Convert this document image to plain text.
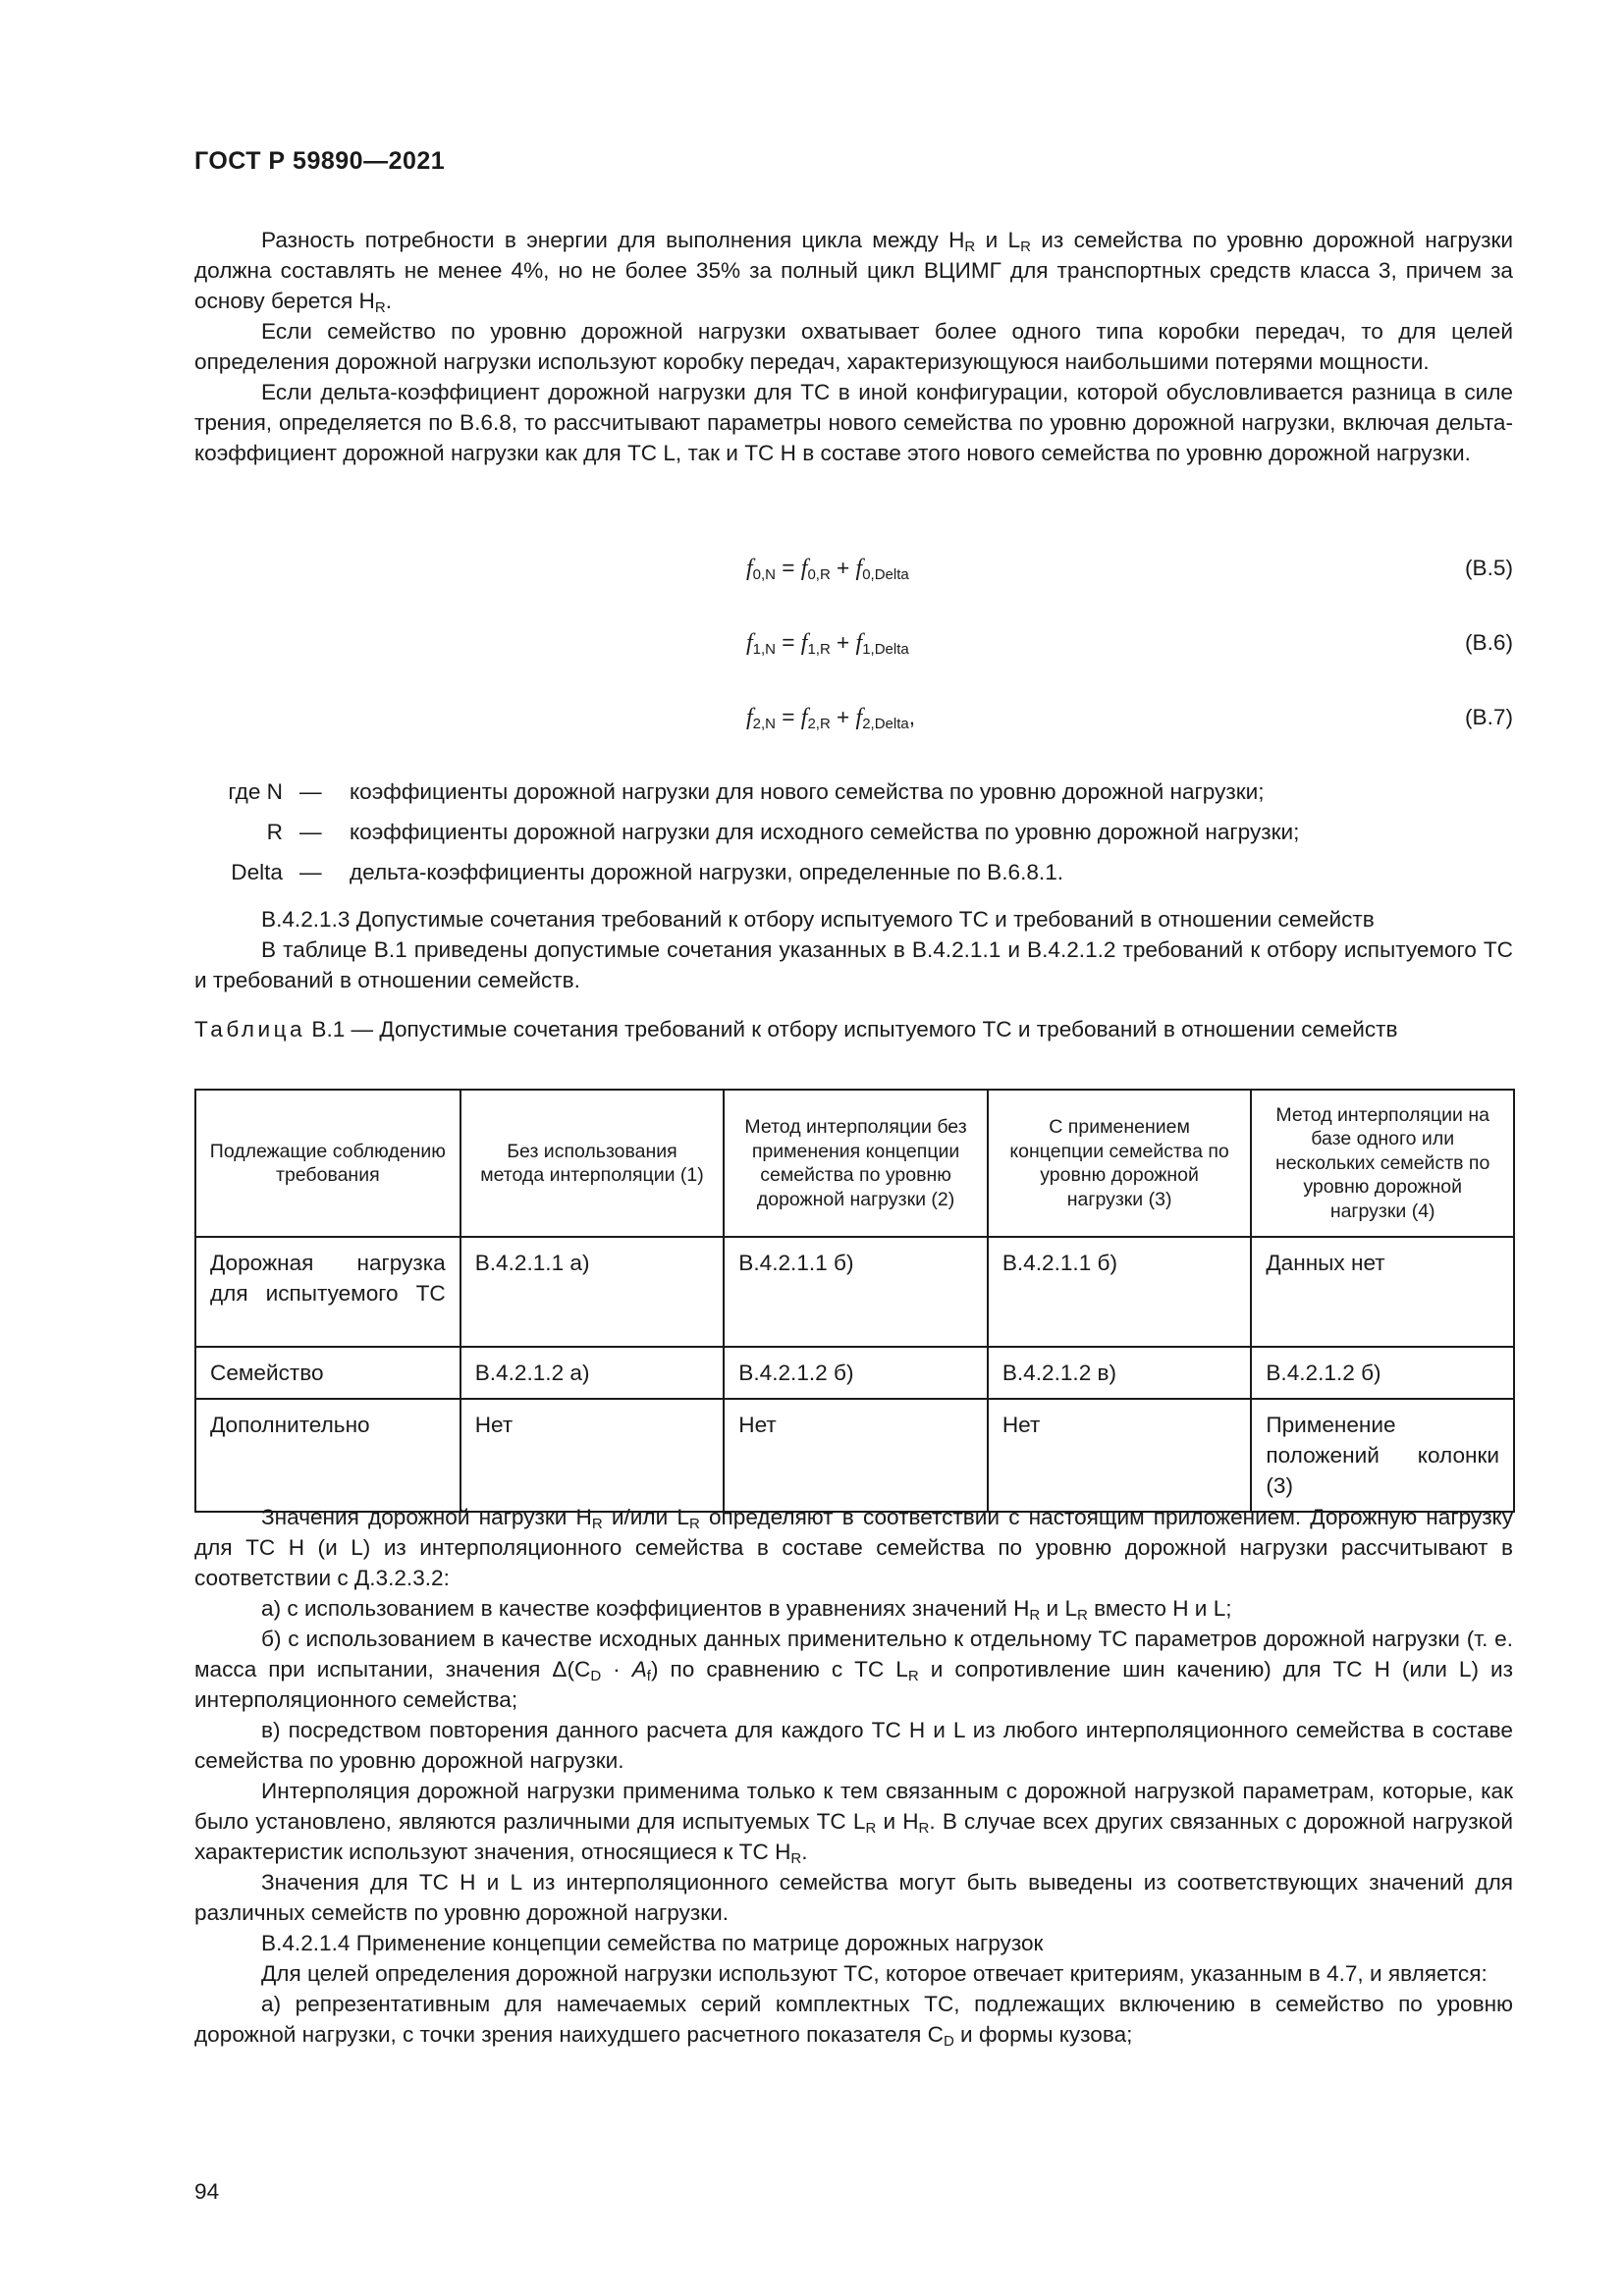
ГОСТ Р 59890—2021

Разность потребности в энергии для выполнения цикла между $H_R$ и $L_R$ из семейства по уровню дорожной нагрузки должна составлять не менее 4%, но не более 35% за полный цикл ВЦИМГ для транспортных средств класса 3, причем за основу берется $H_R$.

Если семейство по уровню дорожной нагрузки охватывает более одного типа коробки передач, то для целей определения дорожной нагрузки используют коробку передач, характеризующуюся наибольшими потерями мощности.

Если дельта-коэффициент дорожной нагрузки для ТС в иной конфигурации, которой обусловливается разница в силе трения, определяется по В.6.8, то рассчитывают параметры нового семейства по уровню дорожной нагрузки, включая дельта-коэффициент дорожной нагрузки как для ТС L, так и ТС H в составе этого нового семейства по уровню дорожной нагрузки.

$f_{0,N} = f_{0,R} + f_{0,Delta}$	(В.5)
$f_{1,N} = f_{1,R} + f_{1,Delta}$	(В.6)
$f_{2,N} = f_{2,R} + f_{2,Delta}$,	(В.7)
где N — коэффициенты дорожной нагрузки для нового семейства по уровню дорожной нагрузки;
R — коэффициенты дорожной нагрузки для исходного семейства по уровню дорожной нагрузки;
Delta — дельта-коэффициенты дорожной нагрузки, определенные по В.6.8.1.

В.4.2.1.3 Допустимые сочетания требований к отбору испытуемого ТС и требований в отношении семейств

В таблице В.1 приведены допустимые сочетания указанных в В.4.2.1.1 и В.4.2.1.2 требований к отбору испытуемого ТС и требований в отношении семейств.

Таблица В.1 — Допустимые сочетания требований к отбору испытуемого ТС и требований в отношении семейств
Подлежащие соблюдению требования	Без использования метода интерполяции (1)	Метод интерполяции без применения концепции семейства по уровню дорожной нагрузки (2)	С применением концепции семейства по уровню дорожной нагрузки (3)	Метод интерполяции на базе одного или нескольких семейств по уровню дорожной нагрузки (4)
Дорожная нагрузка для испытуемого ТС	В.4.2.1.1 а)	В.4.2.1.1 б)	В.4.2.1.1 б)	Данных нет
Семейство	В.4.2.1.2 а)	В.4.2.1.2 б)	В.4.2.1.2 в)	В.4.2.1.2 б)
Дополнительно	Нет	Нет	Нет	Применение положений колонки (3)

Значения дорожной нагрузки $H_R$ и/или $L_R$ определяют в соответствии с настоящим приложением. Дорожную нагрузку для ТС H (и L) из интерполяционного семейства в составе семейства по уровню дорожной нагрузки рассчитывают в соответствии с Д.3.2.3.2:

а) с использованием в качестве коэффициентов в уравнениях значений $H_R$ и $L_R$ вместо H и L;

б) с использованием в качестве исходных данных применительно к отдельному ТС параметров дорожной нагрузки (т. е. масса при испытании, значения $\Delta(C_D \cdot A_f)$ по сравнению с ТС $L_R$ и сопротивление шин качению) для ТС H (или L) из интерполяционного семейства;

в) посредством повторения данного расчета для каждого ТС H и L из любого интерполяционного семейства в составе семейства по уровню дорожной нагрузки.

Интерполяция дорожной нагрузки применима только к тем связанным с дорожной нагрузкой параметрам, которые, как было установлено, являются различными для испытуемых ТС $L_R$ и $H_R$. В случае всех других связанных с дорожной нагрузкой характеристик используют значения, относящиеся к ТС $H_R$.

Значения для ТС H и L из интерполяционного семейства могут быть выведены из соответствующих значений для различных семейств по уровню дорожной нагрузки.

В.4.2.1.4 Применение концепции семейства по матрице дорожных нагрузок

Для целей определения дорожной нагрузки используют ТС, которое отвечает критериям, указанным в 4.7, и является:

а) репрезентативным для намечаемых серий комплектных ТС, подлежащих включению в семейство по уровню дорожной нагрузки, с точки зрения наихудшего расчетного показателя $C_D$ и формы кузова;

94
